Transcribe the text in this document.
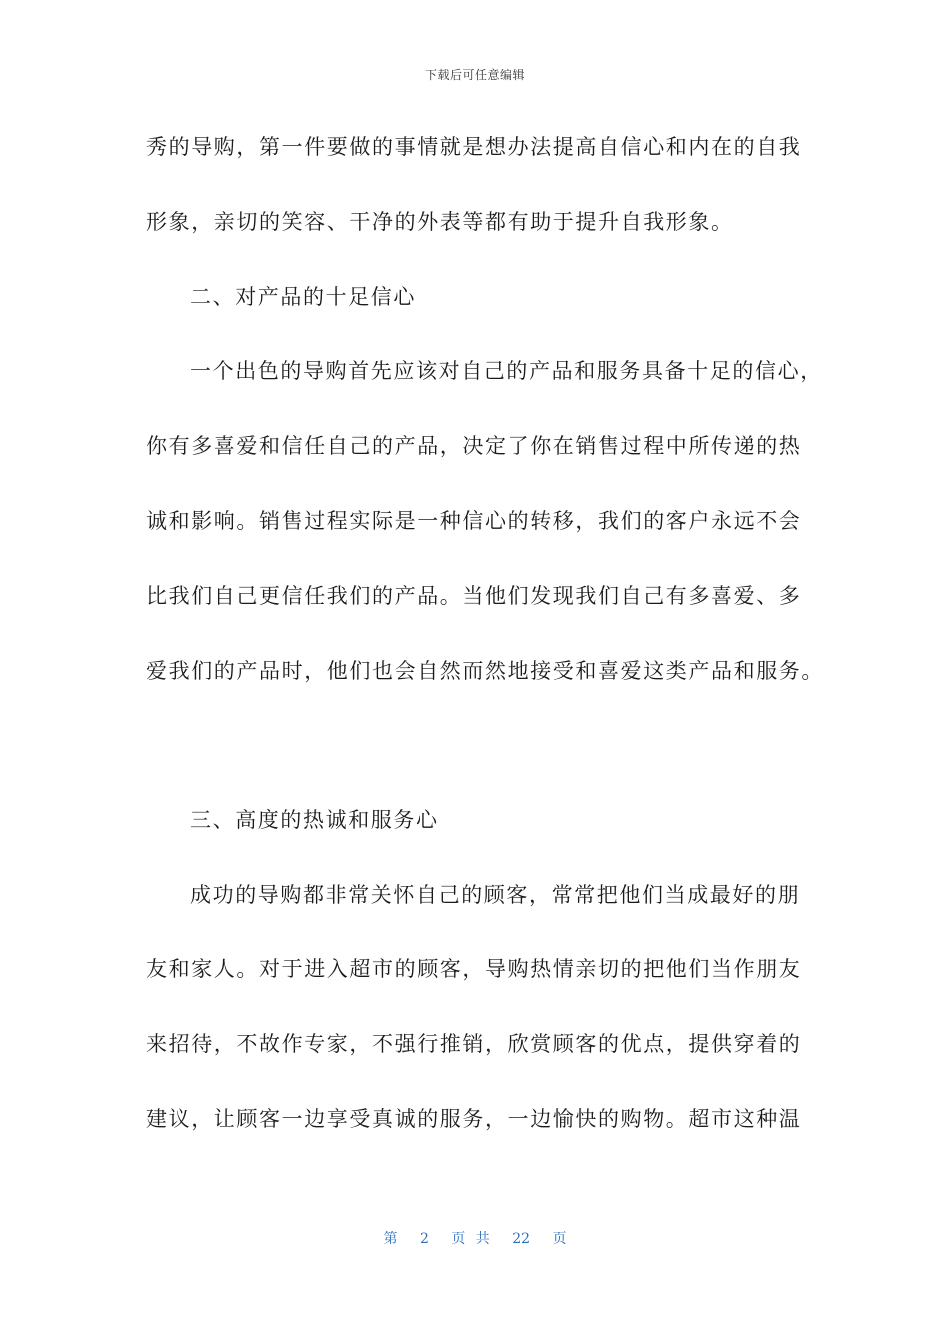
下载后可任意编辑
秀的导购，第一件要做的事情就是想办法提高自信心和内在的自我
形象，亲切的笑容、干净的外表等都有助于提升自我形象。
二、对产品的十足信心
一个出色的导购首先应该对自己的产品和服务具备十足的信心，
你有多喜爱和信任自己的产品，决定了你在销售过程中所传递的热
诚和影响。销售过程实际是一种信心的转移，我们的客户永远不会
比我们自己更信任我们的产品。当他们发现我们自己有多喜爱、多
爱我们的产品时，他们也会自然而然地接受和喜爱这类产品和服务。
三、高度的热诚和服务心
成功的导购都非常关怀自己的顾客，常常把他们当成最好的朋
友和家人。对于进入超市的顾客，导购热情亲切的把他们当作朋友
来招待，不故作专家，不强行推销，欣赏顾客的优点，提供穿着的
建议，让顾客一边享受真诚的服务，一边愉快的购物。超市这种温
第 2 页 共 22 页
